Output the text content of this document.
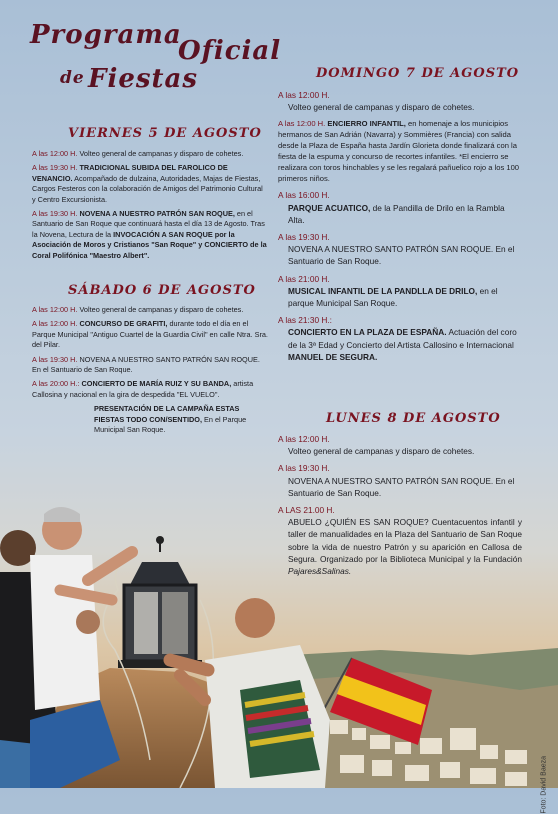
Programa
Oficial
de Fiestas
VIERNES 5 DE AGOSTO
A las 12:00 H. Volteo general de campanas y disparo de cohetes.
A las 19:30 H. TRADICIONAL SUBIDA DEL FAROLICO DE VENANCIO. Acompañado de dulzaina, Autoridades, Majas de Fiestas, Cargos Festeros con la colaboración de Amigos del Patrimonio Cultural y Centro Excursionista.
A las 19:30 H. NOVENA A NUESTRO PATRÓN SAN ROQUE, en el Santuario de San Roque que continuará hasta el día 13 de Agosto. Tras la Novena, Lectura de la INVOCACIÓN A SAN ROQUE por la Asociación de Moros y Cristianos "San Roque" y CONCIERTO de la Coral Polifónica "Maestro Albert".
SÁBADO 6 DE AGOSTO
A las 12:00 H. Volteo general de campanas y disparo de cohetes.
A las 12:00 H. CONCURSO DE GRAFITI, durante todo el día en el Parque Municipal "Antiguo Cuartel de la Guardia Civil" en calle Ntra. Sra. del Pilar.
A las 19:30 H. NOVENA A NUESTRO SANTO PATRÓN SAN ROQUE. En el Santuario de San Roque.
A las 20:00 H.: CONCIERTO DE MARÍA RUIZ Y SU BANDA, artista Callosina y nacional en la gira de despedida "EL VUELO".
PRESENTACIÓN DE LA CAMPAÑA ESTAS FIESTAS TODO CON/SENTIDO, En el Parque Municipal San Roque.
DOMINGO 7 DE AGOSTO
A las 12:00 H.
Volteo general de campanas y disparo de cohetes.
A las 12:00 H. ENCIERRO INFANTIL, en homenaje a los municipios hermanos de San Adrián (Navarra) y Sommières (Francia) con salida desde la Plaza de España hasta Jardín Glorieta donde finalizará con la fiesta de la espuma y concurso de recortes infantiles. *El encierro se realizara con toros hinchables y se les regalará pañuelico rojo a los 100 primeros niños.
A las 16:00 H.
PARQUE ACUATICO, de la Pandilla de Drilo en la Rambla Alta.
A las 19:30 H.
NOVENA A NUESTRO SANTO PATRÓN SAN ROQUE. En el Santuario de San Roque.
A las 21:00 H.
MUSICAL INFANTIL DE LA PANDLLA DE DRILO, en el parque Municipal San Roque.
A las 21:30 H.:
CONCIERTO EN LA PLAZA DE ESPAÑA. Actuación del coro de la 3ª Edad y Concierto del Artista Callosino e Internacional MANUEL DE SEGURA.
LUNES 8 DE AGOSTO
A las 12:00 H.
Volteo general de campanas y disparo de cohetes.
A las 19:30 H.
NOVENA A NUESTRO SANTO PATRÓN SAN ROQUE. En el Santuario de San Roque.
A LAS 21.00 H.
ABUELO ¿QUIÉN ES SAN ROQUE? Cuentacuentos infantil y taller de manualidades en la Plaza del Santuario de San Roque sobre la vida de nuestro Patrón y su aparición en Callosa de Segura. Organizado por la Biblioteca Municipal y la Fundación Pajares&Salinas.
Foto: David Baeza
